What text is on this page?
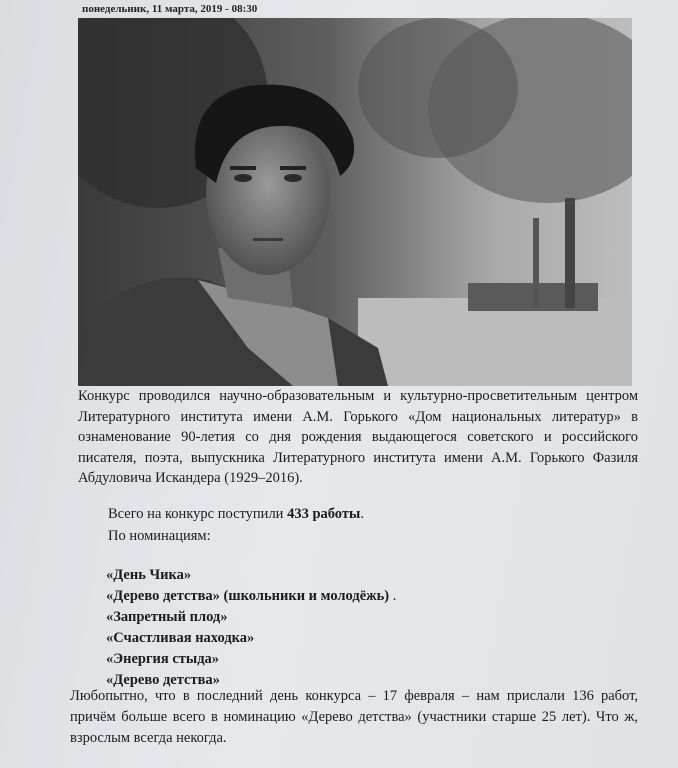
понедельник, 11 марта, 2019 - 08:30

Конкурс проводился научно-образовательным и культурно-просветительным центром Литературного института имени А.М. Горького «Дом национальных литератур» в ознаменование 90-летия со дня рождения выдающегося советского и российского писателя, поэта, выпускника Литературного института имени А.М. Горького Фазиля Абдуловича Искандера (1929–2016).

Всего на конкурс поступили 433 работы.
По номинациям:
«День Чика»
«Дерево детства» (школьники и молодёжь) .
«Запретный плод»
«Счастливая находка»
«Энергия стыда»
«Дерево детства»

Любопытно, что в последний день конкурса – 17 февраля – нам прислали 136 работ, причём больше всего в номинацию «Дерево детства» (участники старше 25 лет). Что ж, взрослым всегда некогда.
